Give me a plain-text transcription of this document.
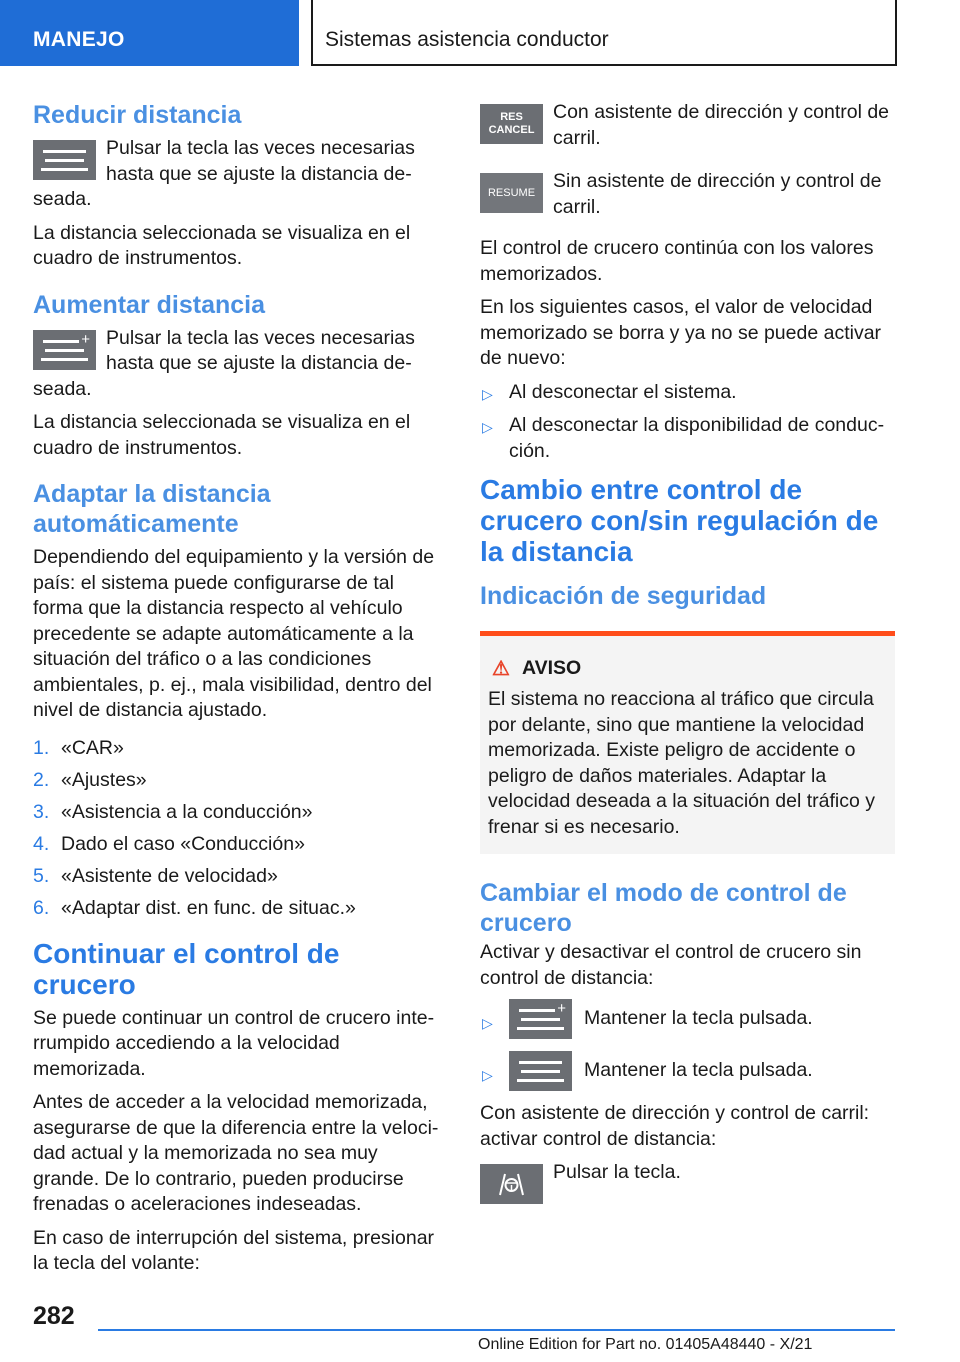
MANEJO	Sistemas asistencia conductor
Reducir distancia

Pulsar la tecla las veces necesarias hasta que se ajuste la distancia deseada.

La distancia seleccionada se visualiza en el cuadro de instrumentos.

Aumentar distancia
+ Pulsar la tecla las veces necesarias hasta que se ajuste la distancia deseada.

La distancia seleccionada se visualiza en el cuadro de instrumentos.

Adaptar la distancia automáticamente

Dependiendo del equipamiento y la versión de país: el sistema puede configurarse de tal forma que la distancia respecto al vehículo precedente se adapte automáticamente a la situación del tráfico o a las condiciones ambientales, p. ej., mala visibilidad, dentro del nivel de distancia ajustado.

1. «CAR»
2. «Ajustes»
3. «Asistencia a la conducción»
4. Dado el caso «Conducción»
5. «Asistente de velocidad»
6. «Adaptar dist. en func. de situac.»
Continuar el control de crucero

Se puede continuar un control de crucero interrumpido accediendo a la velocidad memorizada.

Antes de acceder a la velocidad memorizada, asegurarse de que la diferencia entre la velocidad actual y la memorizada no sea muy grande. De lo contrario, pueden producirse frenadas o aceleraciones indeseadas.

En caso de interrupción del sistema, presionar la tecla del volante:

RES
CANCEL

Con asistente de dirección y control de carril.

RESUME

Sin asistente de dirección y control de carril.

El control de crucero continúa con los valores memorizados.

En los siguientes casos, el valor de velocidad memorizado se borra y ya no se puede activar de nuevo:

▷ Al desconectar el sistema.
▷ Al desconectar la disponibilidad de conducción.
Cambio entre control de crucero con/sin regulación de la distancia
Indicación de seguridad
⚠ AVISO

El sistema no reacciona al tráfico que circula por delante, sino que mantiene la velocidad memorizada. Existe peligro de accidente o peligro de daños materiales. Adaptar la velocidad deseada a la situación del tráfico y frenar si es necesario.

Cambiar el modo de control de crucero

Activar y desactivar el control de crucero sin control de distancia:

▷
+ Mantener la tecla pulsada.
▷	Mantener la tecla pulsada.

Con asistente de dirección y control de carril: activar control de distancia:

Pulsar la tecla.

282
Online Edition for Part no. 01405A48440 - X/21
